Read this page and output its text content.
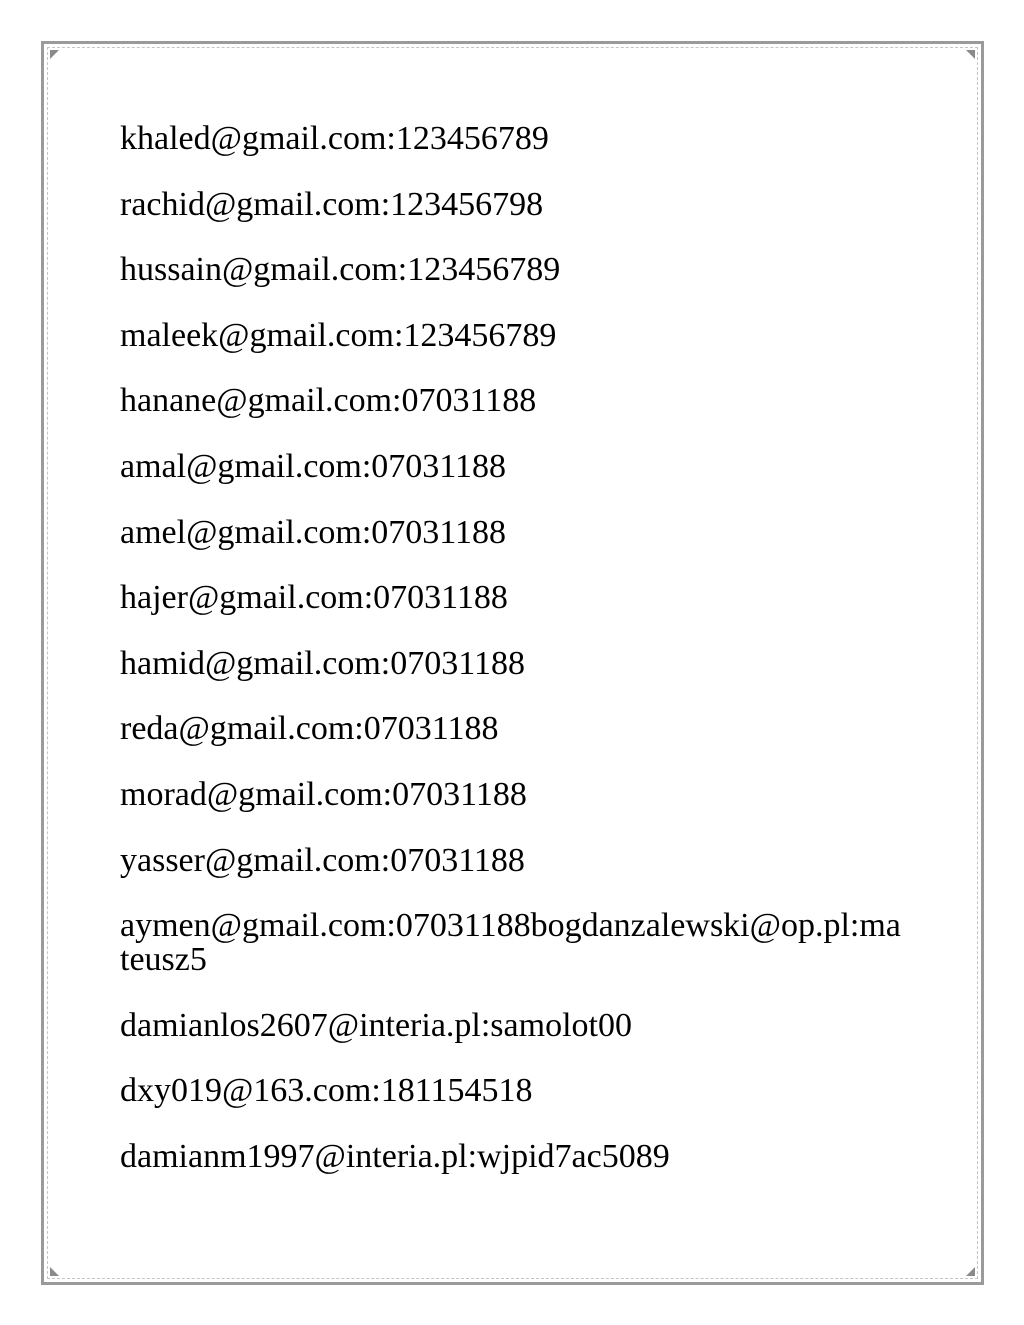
khaled@gmail.com:123456789

rachid@gmail.com:123456798

hussain@gmail.com:123456789

maleek@gmail.com:123456789

hanane@gmail.com:07031188

amal@gmail.com:07031188

amel@gmail.com:07031188

hajer@gmail.com:07031188

hamid@gmail.com:07031188

reda@gmail.com:07031188

morad@gmail.com:07031188

yasser@gmail.com:07031188

aymen@gmail.com:07031188bogdanzalewski@op.pl:mateusz5

damianlos2607@interia.pl:samolot00

dxy019@163.com:181154518

damianm1997@interia.pl:wjpid7ac5089
